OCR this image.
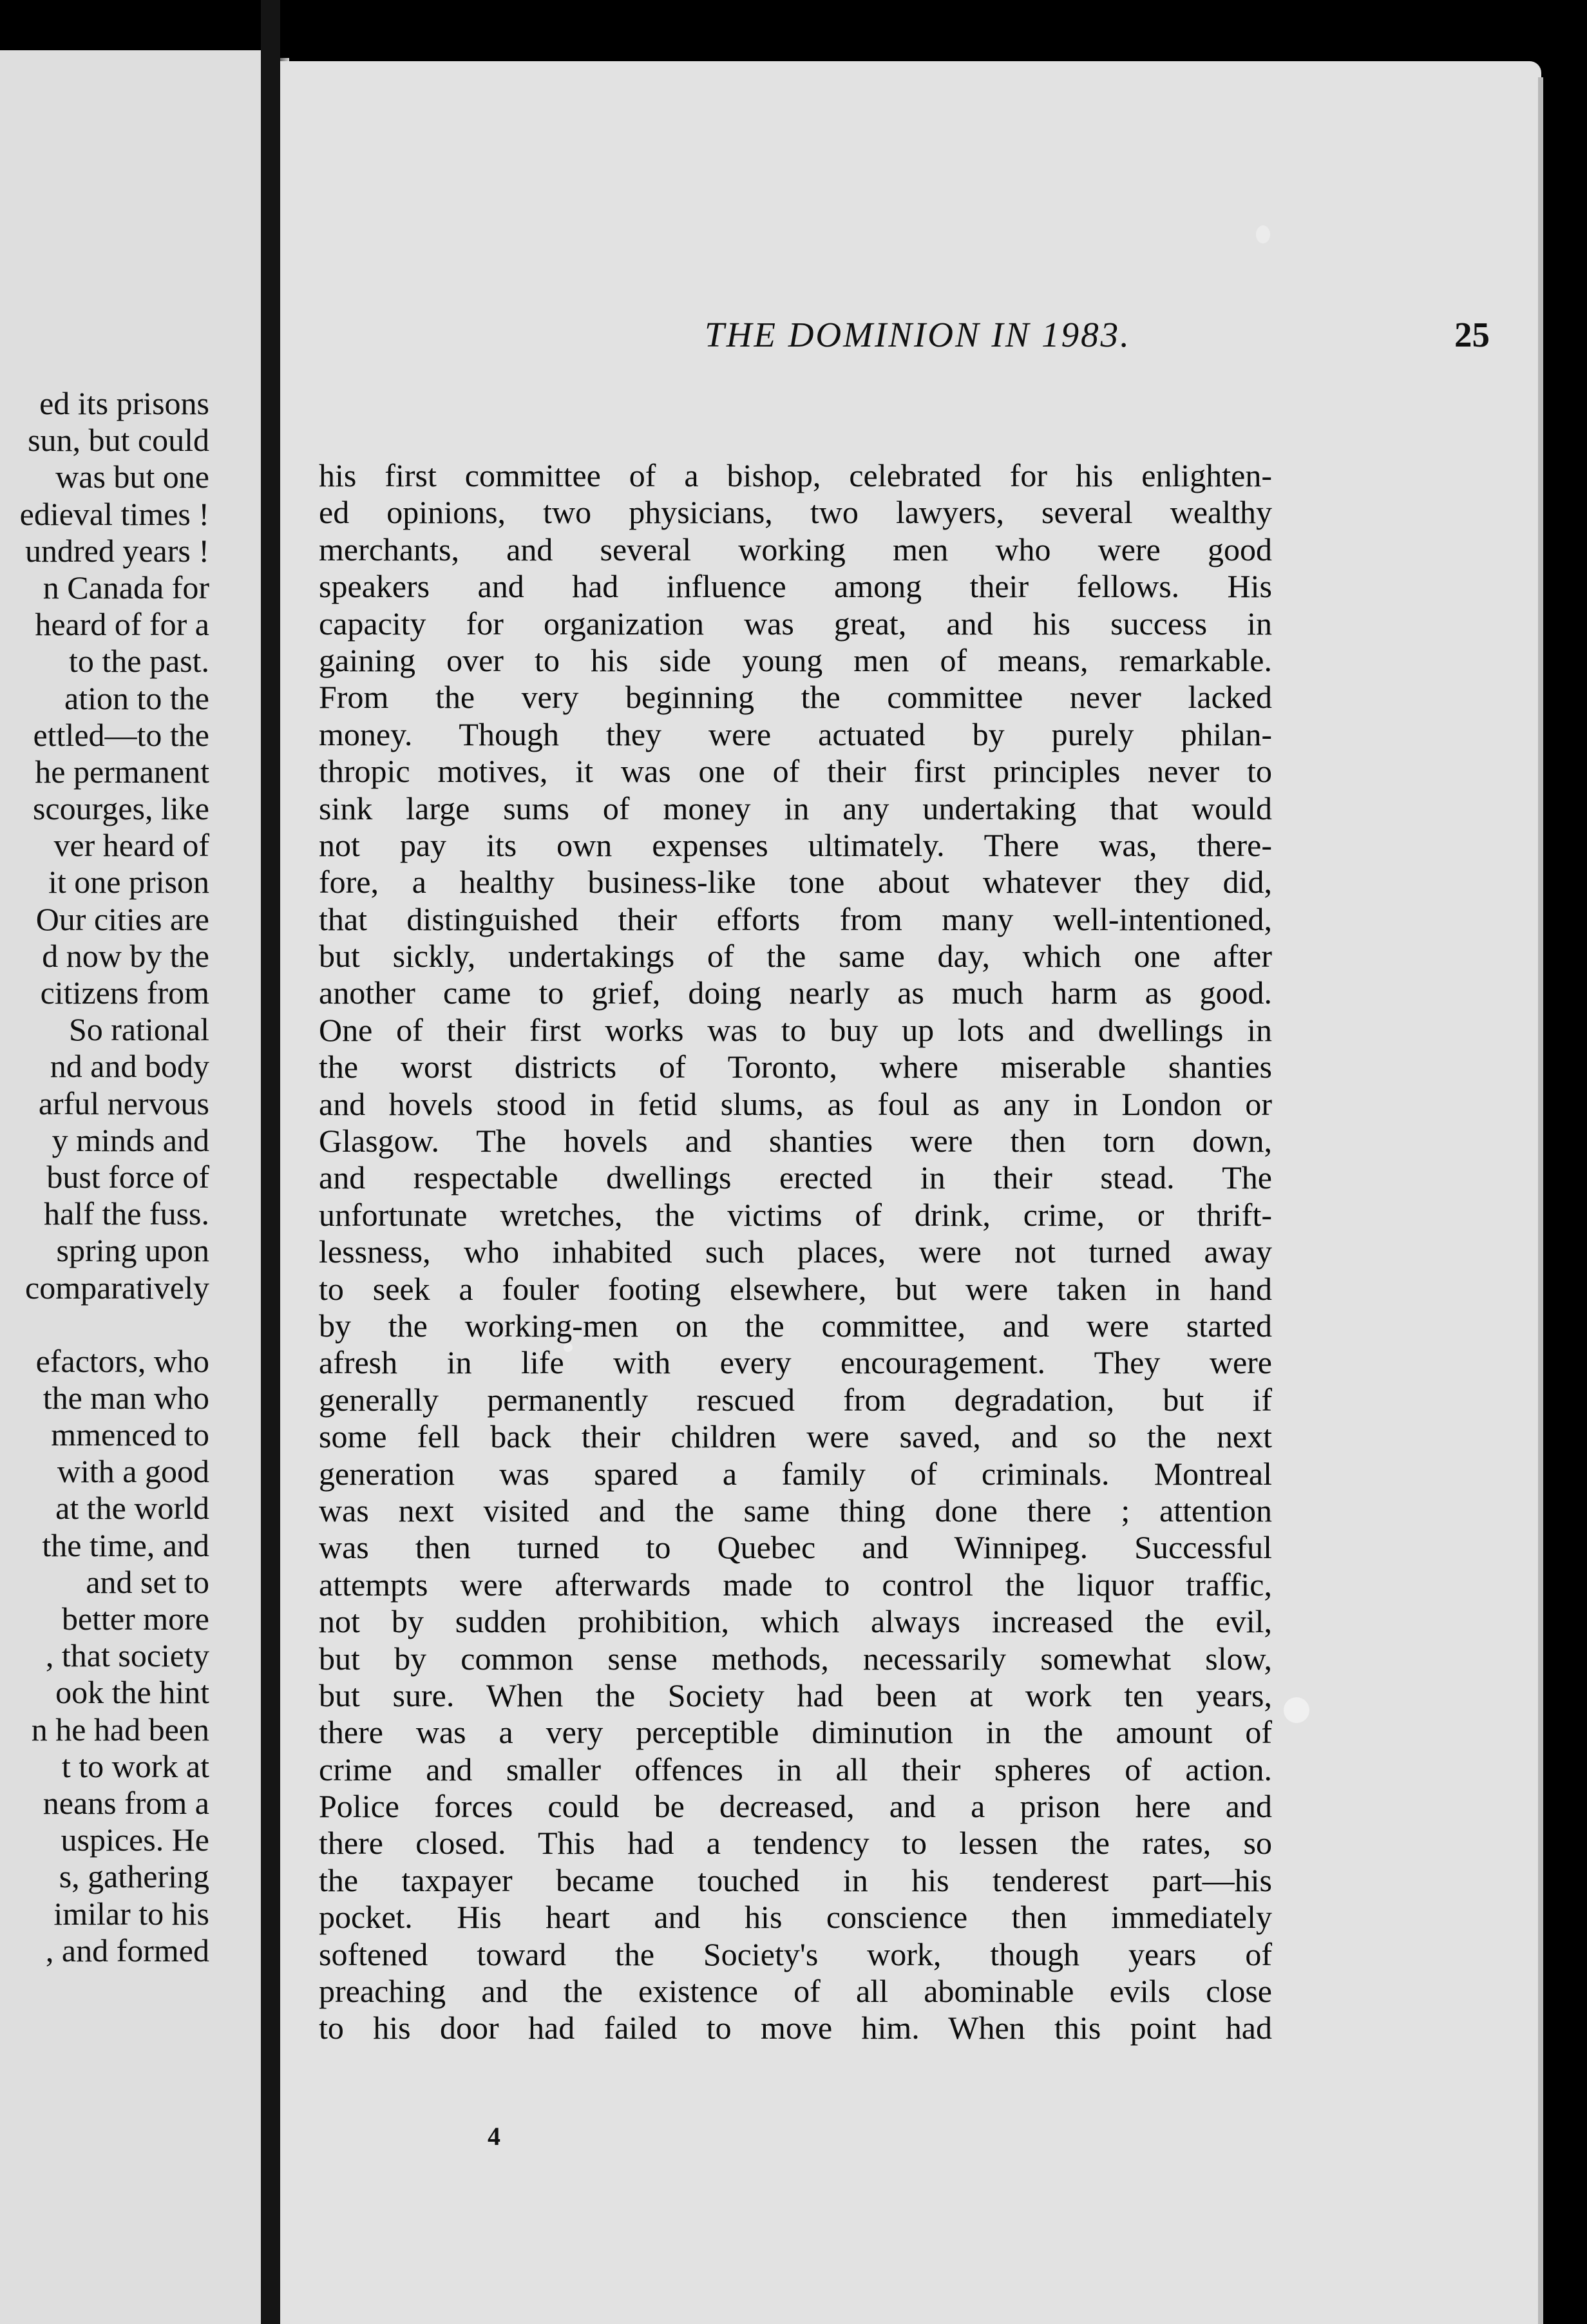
ed its prisons
sun, but could
was but one
edieval times !
undred years !
n Canada for
heard of for a
to the past.
ation to the
ettled—to the
he permanent
scourges, like
ver heard of
it one prison
Our cities are
d now by the
citizens from
So rational
nd and body
arful nervous
y minds and
bust force of
half the fuss.
spring upon
comparatively
efactors, who
the man who
mmenced to
with a good
at the world
the time, and
and set to
better more
, that society
ook the hint
n he had been
t to work at
neans from a
uspices. He
s, gathering
imilar to his
, and formed
THE DOMINION IN 1983.	25
his first committee of a bishop, celebrated for his enlighten-
ed opinions, two physicians, two lawyers, several wealthy
merchants, and several working men who were good
speakers and had influence among their fellows. His
capacity for organization was great, and his success in
gaining over to his side young men of means, remarkable.
From the very beginning the committee never lacked
money. Though they were actuated by purely philan-
thropic motives, it was one of their first principles never to
sink large sums of money in any undertaking that would
not pay its own expenses ultimately. There was, there-
fore, a healthy business-like tone about whatever they did,
that distinguished their efforts from many well-intentioned,
but sickly, undertakings of the same day, which one after
another came to grief, doing nearly as much harm as good.
One of their first works was to buy up lots and dwellings in
the worst districts of Toronto, where miserable shanties
and hovels stood in fetid slums, as foul as any in London or
Glasgow. The hovels and shanties were then torn down,
and respectable dwellings erected in their stead. The
unfortunate wretches, the victims of drink, crime, or thrift-
lessness, who inhabited such places, were not turned away
to seek a fouler footing elsewhere, but were taken in hand
by the working-men on the committee, and were started
afresh in life with every encouragement. They were
generally permanently rescued from degradation, but if
some fell back their children were saved, and so the next
generation was spared a family of criminals. Montreal
was next visited and the same thing done there ; attention
was then turned to Quebec and Winnipeg. Successful
attempts were afterwards made to control the liquor traffic,
not by sudden prohibition, which always increased the evil,
but by common sense methods, necessarily somewhat slow,
but sure. When the Society had been at work ten years,
there was a very perceptible diminution in the amount of
crime and smaller offences in all their spheres of action.
Police forces could be decreased, and a prison here and
there closed. This had a tendency to lessen the rates, so
the taxpayer became touched in his tenderest part—his
pocket. His heart and his conscience then immediately
softened toward the Society's work, though years of
preaching and the existence of all abominable evils close
to his door had failed to move him. When this point had
4
